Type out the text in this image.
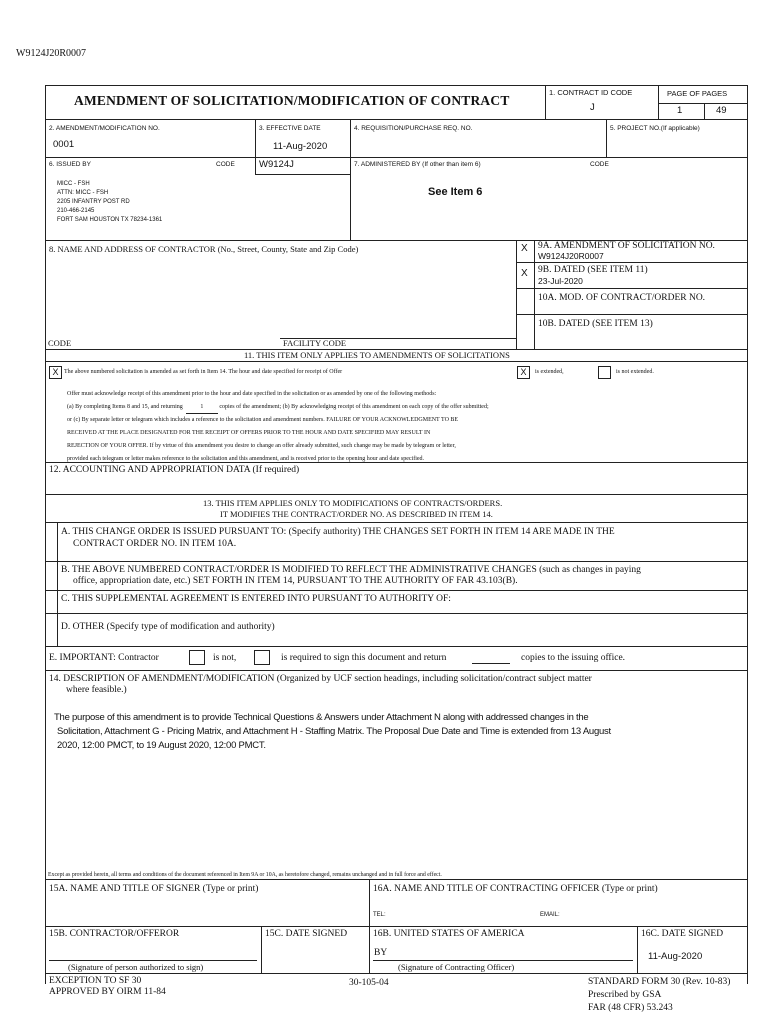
W9124J20R0007
AMENDMENT OF SOLICITATION/MODIFICATION OF CONTRACT
1. CONTRACT ID CODE
J
PAGE OF PAGES
1	49
2. AMENDMENT/MODIFICATION NO.
0001
3. EFFECTIVE DATE
11-Aug-2020
4. REQUISITION/PURCHASE REQ. NO.	5. PROJECT NO.(If applicable)
6. ISSUED BY	CODE	W9124J
MICC - FSH
ATTN: MICC - FSH
2205 INFANTRY POST RD
210-466-2145
FORT SAM HOUSTON TX 78234-1361
7. ADMINISTERED BY (If other than item 6)	CODE
See Item 6
8. NAME AND ADDRESS OF CONTRACTOR (No., Street, County, State and Zip Code)
CODE	FACILITY CODE
X 9A. AMENDMENT OF SOLICITATION NO.
W9124J20R0007
X 9B. DATED (SEE ITEM 11)
23-Jul-2020
10A. MOD. OF CONTRACT/ORDER NO.
10B. DATED (SEE ITEM 13)
11. THIS ITEM ONLY APPLIES TO AMENDMENTS OF SOLICITATIONS
X The above numbered solicitation is amended as set forth in Item 14. The hour and date specified for receipt of Offer	X	is extended,	is not extended.
Offer must acknowledge receipt of this amendment prior to the hour and date specified in the solicitation or as amended by one of the following methods:
(a) By completing Items 8 and 15, and returning	1	copies of the amendment; (b) By acknowledging receipt of this amendment on each copy of the offer submitted;
or (c) By separate letter or telegram which includes a reference to the solicitation and amendment numbers. FAILURE OF YOUR ACKNOWLEDGMENT TO BE
RECEIVED AT THE PLACE DESIGNATED FOR THE RECEIPT OF OFFERS PRIOR TO THE HOUR AND DATE SPECIFIED MAY RESULT IN
REJECTION OF YOUR OFFER. If by virtue of this amendment you desire to change an offer already submitted, such change may be made by telegram or letter,
provided each telegram or letter makes reference to the solicitation and this amendment, and is received prior to the opening hour and date specified.
12. ACCOUNTING AND APPROPRIATION DATA (If required)
13. THIS ITEM APPLIES ONLY TO MODIFICATIONS OF CONTRACTS/ORDERS.
IT MODIFIES THE CONTRACT/ORDER NO. AS DESCRIBED IN ITEM 14.
A. THIS CHANGE ORDER IS ISSUED PURSUANT TO: (Specify authority) THE CHANGES SET FORTH IN ITEM 14 ARE MADE IN THE
CONTRACT ORDER NO. IN ITEM 10A.
B. THE ABOVE NUMBERED CONTRACT/ORDER IS MODIFIED TO REFLECT THE ADMINISTRATIVE CHANGES (such as changes in paying
office, appropriation date, etc.) SET FORTH IN ITEM 14, PURSUANT TO THE AUTHORITY OF FAR 43.103(B).
C. THIS SUPPLEMENTAL AGREEMENT IS ENTERED INTO PURSUANT TO AUTHORITY OF:
D. OTHER (Specify type of modification and authority)
E. IMPORTANT: Contractor	is not,	is required to sign this document and return	copies to the issuing office.
14. DESCRIPTION OF AMENDMENT/MODIFICATION (Organized by UCF section headings, including solicitation/contract subject matter
where feasible.)
The purpose of this amendment is to provide Technical Questions & Answers under Attachment N along with addressed changes in the
Solicitation, Attachment G - Pricing Matrix, and Attachment H - Staffing Matrix. The Proposal Due Date and Time is extended from 13 August
2020, 12:00 PMCT, to 19 August 2020, 12:00 PMCT.
Except as provided herein, all terms and conditions of the document referenced in Item 9A or 10A, as heretofore changed, remains unchanged and in full force and effect.
15A. NAME AND TITLE OF SIGNER (Type or print)	16A. NAME AND TITLE OF CONTRACTING OFFICER (Type or print)
TEL:	EMAIL:
15B. CONTRACTOR/OFFEROR
(Signature of person authorized to sign)
15C. DATE SIGNED	16B. UNITED STATES OF AMERICA
BY
(Signature of Contracting Officer)
16C. DATE SIGNED
11-Aug-2020
EXCEPTION TO SF 30
APPROVED BY OIRM 11-84
30-105-04	STANDARD FORM 30 (Rev. 10-83)
Prescribed by GSA
FAR (48 CFR) 53.243
